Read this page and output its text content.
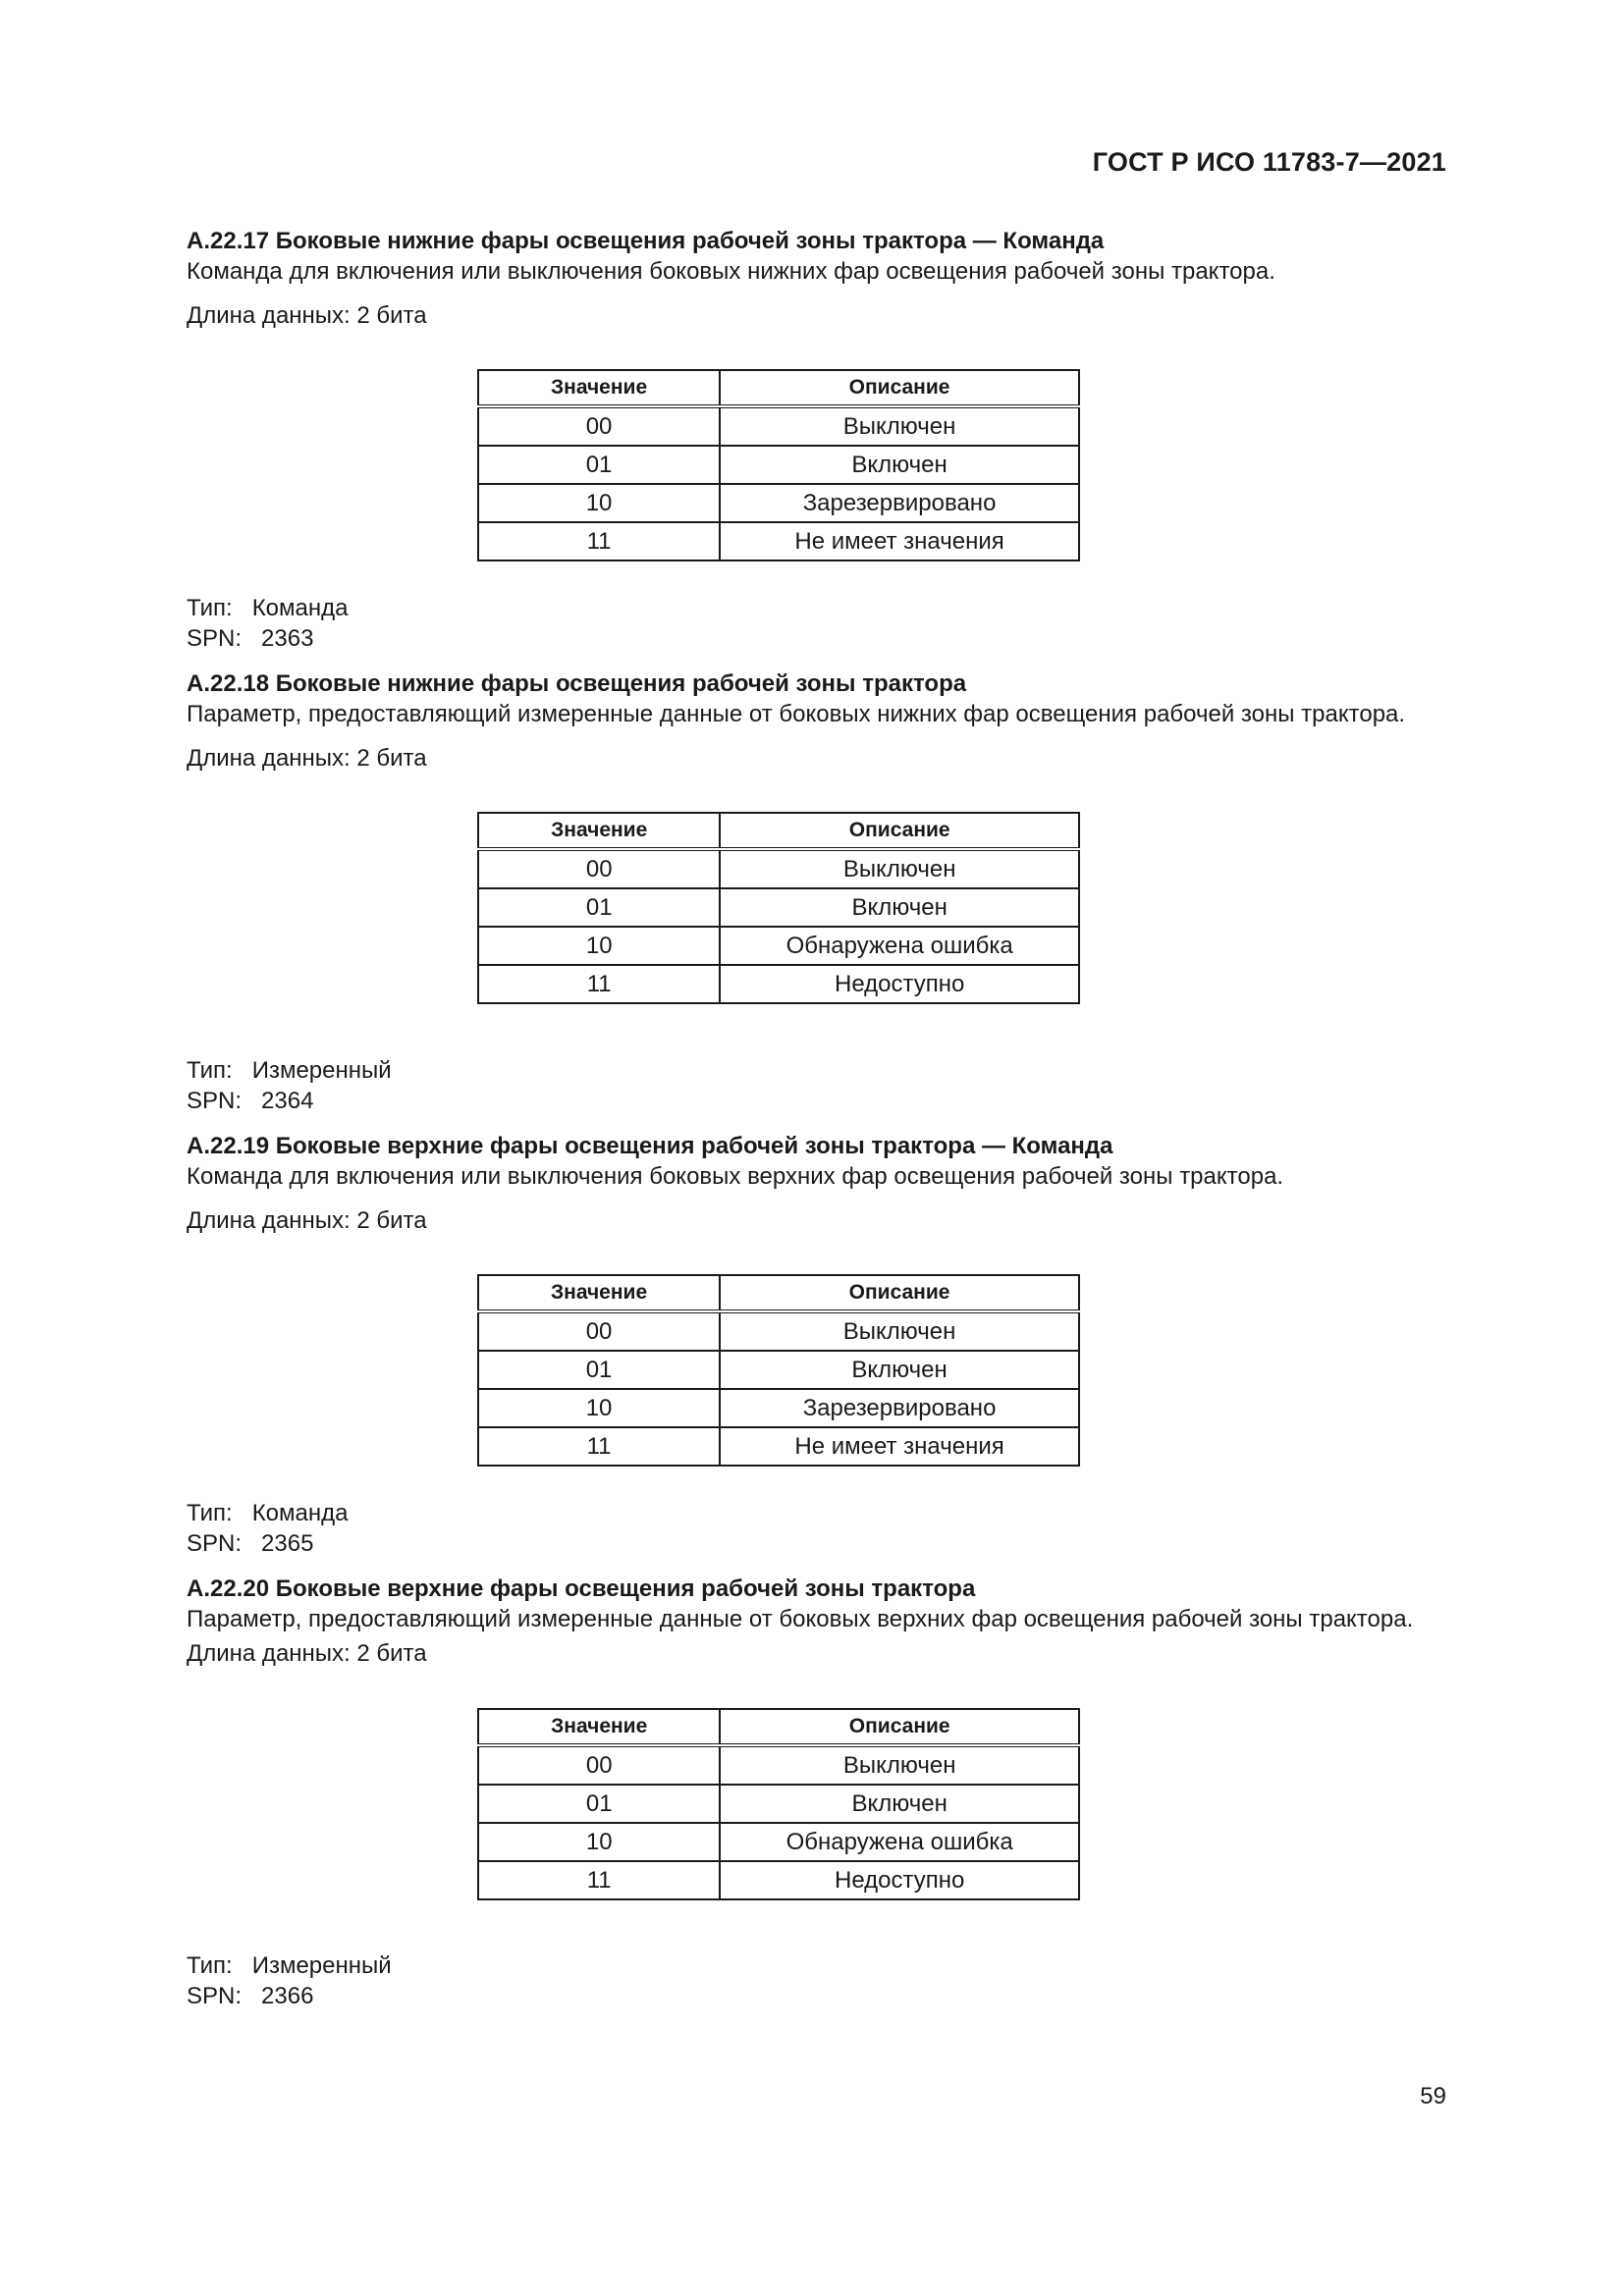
ГОСТ Р ИСО 11783-7—2021
А.22.17 Боковые нижние фары освещения рабочей зоны трактора — Команда
Команда для включения или выключения боковых нижних фар освещения рабочей зоны трактора.
Длина данных: 2 бита
Значение	Описание
00	Выключен
01	Включен
10	Зарезервировано
11	Не имеет значения
Тип: Команда
SPN: 2363
А.22.18 Боковые нижние фары освещения рабочей зоны трактора
Параметр, предоставляющий измеренные данные от боковых нижних фар освещения рабочей зоны трактора.
Длина данных: 2 бита
Значение	Описание
00	Выключен
01	Включен
10	Обнаружена ошибка
11	Недоступно
Тип: Измеренный
SPN: 2364
А.22.19 Боковые верхние фары освещения рабочей зоны трактора — Команда
Команда для включения или выключения боковых верхних фар освещения рабочей зоны трактора.
Длина данных: 2 бита
Значение	Описание
00	Выключен
01	Включен
10	Зарезервировано
11	Не имеет значения
Тип: Команда
SPN: 2365
А.22.20 Боковые верхние фары освещения рабочей зоны трактора
Параметр, предоставляющий измеренные данные от боковых верхних фар освещения рабочей зоны трактора.
Длина данных: 2 бита
Значение	Описание
00	Выключен
01	Включен
10	Обнаружена ошибка
11	Недоступно
Тип: Измеренный
SPN: 2366
59
